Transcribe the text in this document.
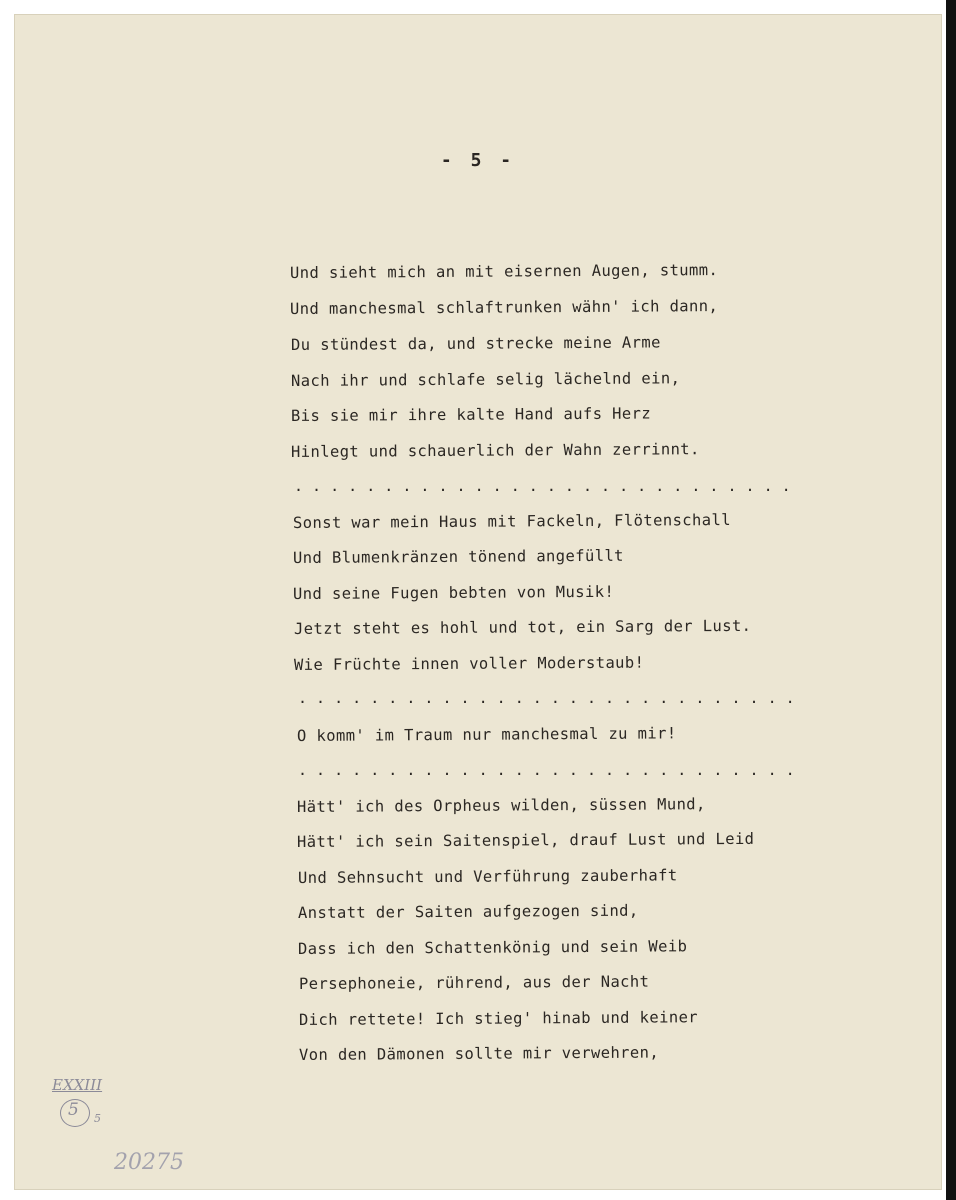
- 5 -
Und sieht mich an mit eisernen Augen, stumm.
Und manchesmal schlaftrunken wähn' ich dann,
Du stündest da, und strecke meine Arme
Nach ihr und schlafe selig lächelnd ein,
Bis sie mir ihre kalte Hand aufs Herz
Hinlegt und schauerlich der Wahn zerrinnt.
. . . . . . . . . . . . . . . . . . . . . . . . . . . .
Sonst war mein Haus mit Fackeln, Flötenschall
Und Blumenkränzen tönend angefüllt
Und seine Fugen bebten von Musik!
Jetzt steht es hohl und tot, ein Sarg der Lust.
Wie Früchte innen voller Moderstaub!
. . . . . . . . . . . . . . . . . . . . . . . . . . . .
O komm' im Traum nur manchesmal zu mir!
. . . . . . . . . . . . . . . . . . . . . . . . . . . .
Hätt' ich des Orpheus wilden, süssen Mund,
Hätt' ich sein Saitenspiel, drauf Lust und Leid
Und Sehnsucht und Verführung zauberhaft
Anstatt der Saiten aufgezogen sind,
Dass ich den Schattenkönig und sein Weib
Persephoneie, rührend, aus der Nacht
Dich rettete! Ich stieg' hinab und keiner
Von den Dämonen sollte mir verwehren,
EXXIII
5 5
20275
